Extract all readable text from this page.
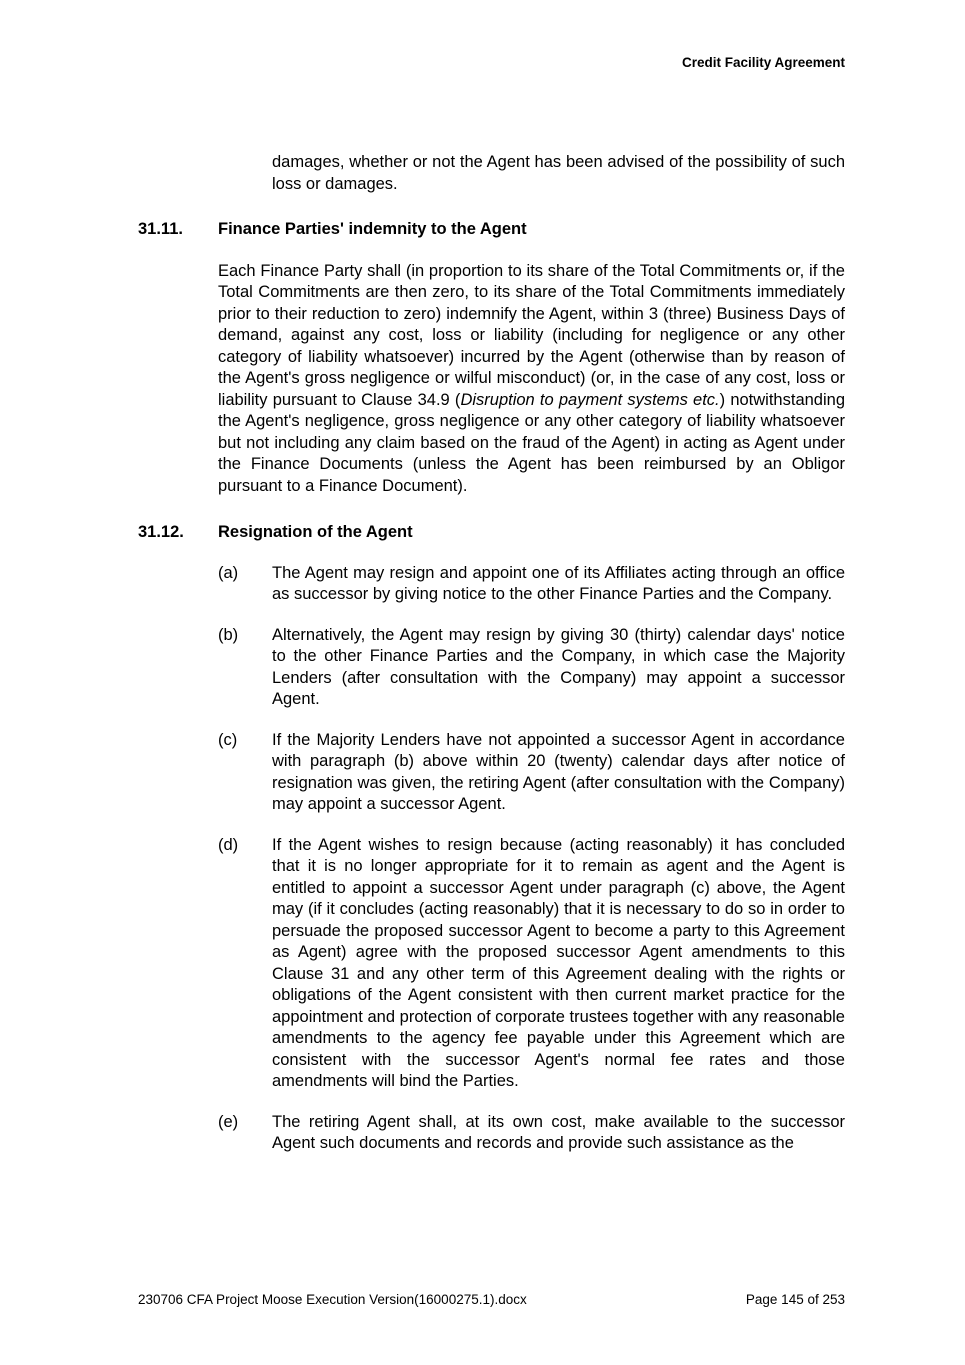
Credit Facility Agreement

damages, whether or not the Agent has been advised of the possibility of such loss or damages.

31.11.	Finance Parties' indemnity to the Agent

Each Finance Party shall (in proportion to its share of the Total Commitments or, if the Total Commitments are then zero, to its share of the Total Commitments immediately prior to their reduction to zero) indemnify the Agent, within 3 (three) Business Days of demand, against any cost, loss or liability (including for negligence or any other category of liability whatsoever) incurred by the Agent (otherwise than by reason of the Agent's gross negligence or wilful misconduct) (or, in the case of any cost, loss or liability pursuant to Clause 34.9 (Disruption to payment systems etc.) notwithstanding the Agent's negligence, gross negligence or any other category of liability whatsoever but not including any claim based on the fraud of the Agent) in acting as Agent under the Finance Documents (unless the Agent has been reimbursed by an Obligor pursuant to a Finance Document).

31.12.	Resignation of the Agent
(a)	The Agent may resign and appoint one of its Affiliates acting through an office as successor by giving notice to the other Finance Parties and the Company.
(b)	Alternatively, the Agent may resign by giving 30 (thirty) calendar days' notice to the other Finance Parties and the Company, in which case the Majority Lenders (after consultation with the Company) may appoint a successor Agent.
(c)	If the Majority Lenders have not appointed a successor Agent in accordance with paragraph (b) above within 20 (twenty) calendar days after notice of resignation was given, the retiring Agent (after consultation with the Company) may appoint a successor Agent.
(d)	If the Agent wishes to resign because (acting reasonably) it has concluded that it is no longer appropriate for it to remain as agent and the Agent is entitled to appoint a successor Agent under paragraph (c) above, the Agent may (if it concludes (acting reasonably) that it is necessary to do so in order to persuade the proposed successor Agent to become a party to this Agreement as Agent) agree with the proposed successor Agent amendments to this Clause 31 and any other term of this Agreement dealing with the rights or obligations of the Agent consistent with then current market practice for the appointment and protection of corporate trustees together with any reasonable amendments to the agency fee payable under this Agreement which are consistent with the successor Agent's normal fee rates and those amendments will bind the Parties.
(e)	The retiring Agent shall, at its own cost, make available to the successor Agent such documents and records and provide such assistance as the
230706 CFA Project Moose Execution Version(16000275.1).docx	Page 145 of 253
